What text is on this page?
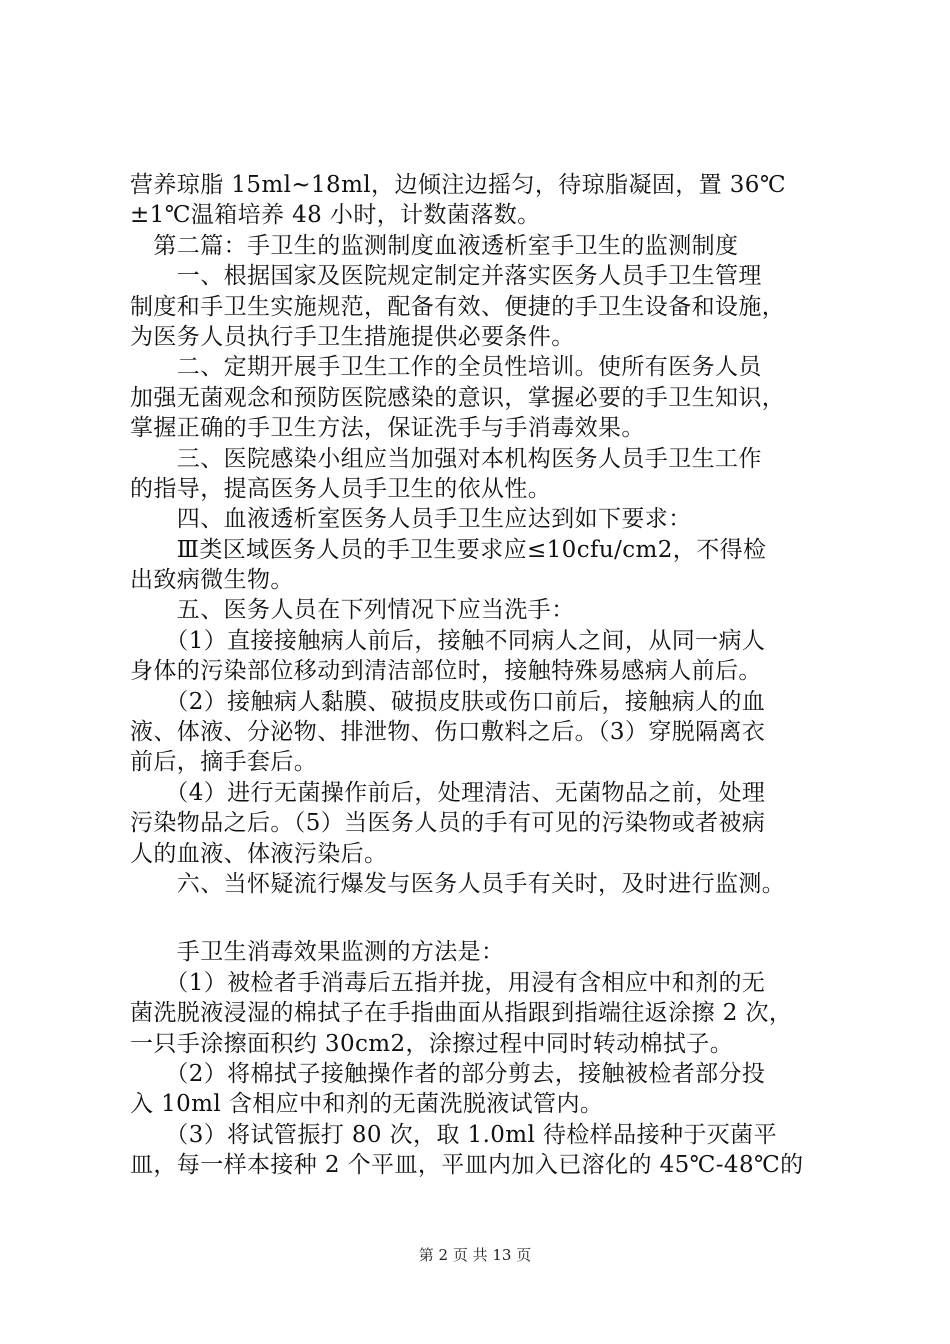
营养琼脂 15ml~18ml，边倾注边摇匀，待琼脂凝固，置 36℃
±1℃温箱培养 48 小时，计数菌落数。
　第二篇：手卫生的监测制度血液透析室手卫生的监测制度
　　一、根据国家及医院规定制定并落实医务人员手卫生管理
制度和手卫生实施规范，配备有效、便捷的手卫生设备和设施，
为医务人员执行手卫生措施提供必要条件。
　　二、定期开展手卫生工作的全员性培训。使所有医务人员
加强无菌观念和预防医院感染的意识，掌握必要的手卫生知识，
掌握正确的手卫生方法，保证洗手与手消毒效果。
　　三、医院感染小组应当加强对本机构医务人员手卫生工作
的指导，提高医务人员手卫生的依从性。
　　四、血液透析室医务人员手卫生应达到如下要求：
　　Ⅲ类区域医务人员的手卫生要求应≤10cfu/cm2，不得检
出致病微生物。
　　五、医务人员在下列情况下应当洗手：
　　（1）直接接触病人前后，接触不同病人之间，从同一病人
身体的污染部位移动到清洁部位时，接触特殊易感病人前后。
　　（2）接触病人黏膜、破损皮肤或伤口前后，接触病人的血
液、体液、分泌物、排泄物、伤口敷料之后。（3）穿脱隔离衣
前后，摘手套后。
　　（4）进行无菌操作前后，处理清洁、无菌物品之前，处理
污染物品之后。（5）当医务人员的手有可见的污染物或者被病
人的血液、体液污染后。
　　六、当怀疑流行爆发与医务人员手有关时，及时进行监测。
　　手卫生消毒效果监测的方法是：
　　（1）被检者手消毒后五指并拢，用浸有含相应中和剂的无
菌洗脱液浸湿的棉拭子在手指曲面从指跟到指端往返涂擦 2 次，
一只手涂擦面积约 30cm2，涂擦过程中同时转动棉拭子。
　　（2）将棉拭子接触操作者的部分剪去，接触被检者部分投
入 10ml 含相应中和剂的无菌洗脱液试管内。
　　（3）将试管振打 80 次，取 1.0ml 待检样品接种于灭菌平
皿，每一样本接种 2 个平皿，平皿内加入已溶化的 45℃-48℃的
第 2 页 共 13 页
